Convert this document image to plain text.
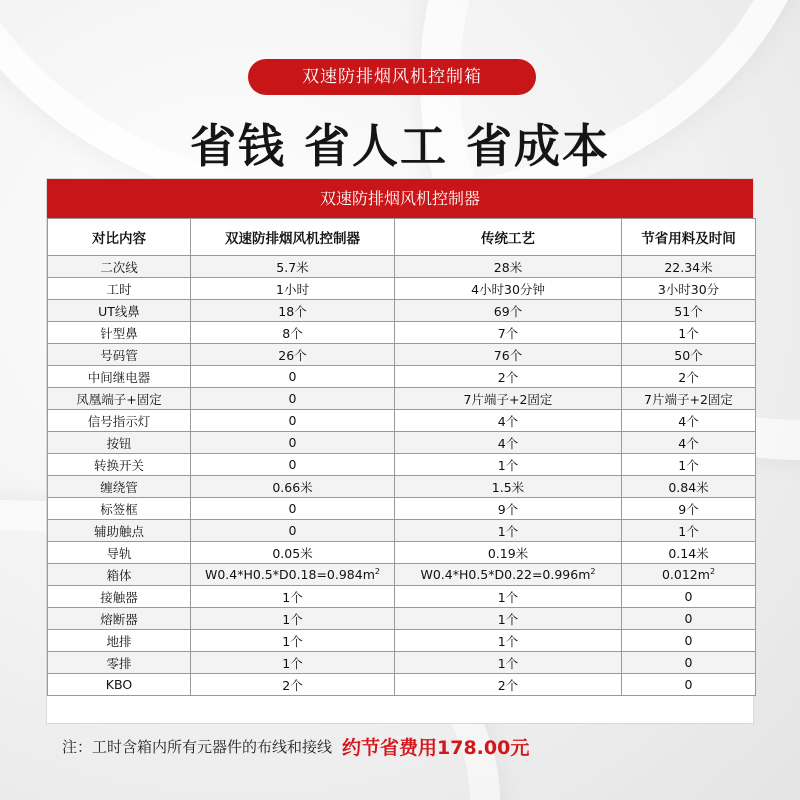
双速防排烟风机控制箱
省钱 省人工 省成本
双速防排烟风机控制器
对比内容	双速防排烟风机控制器	传统工艺	节省用料及时间
二次线	5.7米	28米	22.34米
工时	1小时	4小时30分钟	3小时30分
UT线鼻	18个	69个	51个
针型鼻	8个	7个	1个
号码管	26个	76个	50个
中间继电器	0	2个	2个
凤凰端子+固定	0	7片端子+2固定	7片端子+2固定
信号指示灯	0	4个	4个
按钮	0	4个	4个
转换开关	0	1个	1个
缠绕管	0.66米	1.5米	0.84米
标签框	0	9个	9个
辅助触点	0	1个	1个
导轨	0.05米	0.19米	0.14米
箱体	$W0.4*H0.5*D0.18=0.984m^2$	$W0.4*H0.5*D0.22=0.996m^2$	$0.012m^2$
接触器	1个	1个	0
熔断器	1个	1个	0
地排	1个	1个	0
零排	1个	1个	0
KBO	2个	2个	0
注：工时含箱内所有元器件的布线和接线 约节省费用178.00元
